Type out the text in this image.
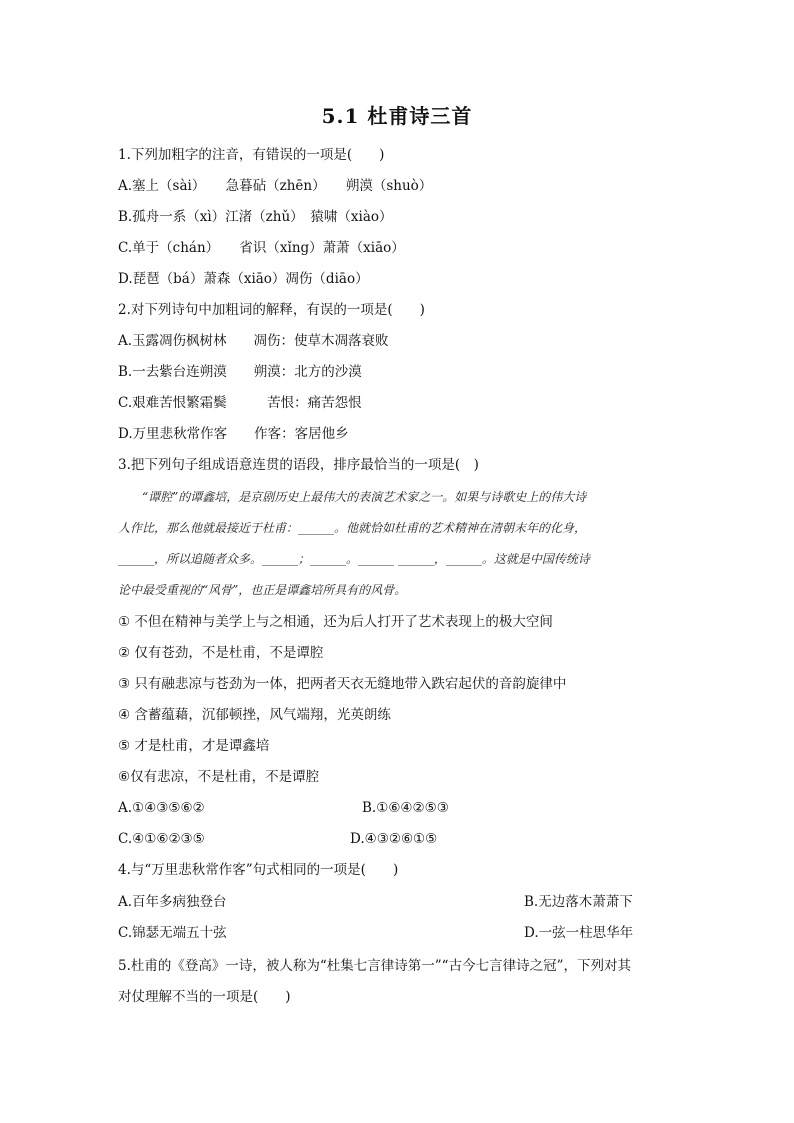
5.1 杜甫诗三首
1.下列加粗字的注音，有错误的一项是(　　)
A.塞上（sài）　　急暮砧（zhēn）　　朔漠（shuò）
B.孤舟一系（xì）江渚（zhǔ）　猿啸（xiào）
C.单于（chán）　　省识（xǐng）萧萧（xiāo）
D.琵琶（bá）萧森（xiāo）凋伤（diāo）
2.对下列诗句中加粗词的解释，有误的一项是(　　)
A.玉露凋伤枫树林　　凋伤：使草木凋落衰败
B.一去紫台连朔漠　　朔漠：北方的沙漠
C.艰难苦恨繁霜鬓　　　苦恨：痛苦怨恨
D.万里悲秋常作客　　作客：客居他乡
3.把下列句子组成语意连贯的语段，排序最恰当的一项是(　)
　　“谭腔”的谭鑫培，是京剧历史上最伟大的表演艺术家之一。如果与诗歌史上的伟大诗
人作比，那么他就最接近于杜甫：______。他就恰如杜甫的艺术精神在清朝末年的化身，
______，所以追随者众多。______；______。______ ______，______。这就是中国传统诗
论中最受重视的“风骨”，也正是谭鑫培所具有的风骨。
① 不但在精神与美学上与之相通，还为后人打开了艺术表现上的极大空间
② 仅有苍劲，不是杜甫，不是谭腔
③ 只有融悲凉与苍劲为一体，把两者天衣无缝地带入跌宕起伏的音韵旋律中
④ 含蓄蕴藉，沉郁顿挫，风气端翔，光英朗练
⑤ 才是杜甫，才是谭鑫培
⑥仅有悲凉，不是杜甫，不是谭腔
A.①④③⑤⑥②	B.①⑥④②⑤③
C.④①⑥②③⑤	D.④③②⑥①⑤
4.与“万里悲秋常作客”句式相同的一项是(　　)
A.百年多病独登台	B.无边落木萧萧下
C.锦瑟无端五十弦	D.一弦一柱思华年
5.杜甫的《登高》一诗，被人称为“杜集七言律诗第一”“古今七言律诗之冠”，下列对其
对仗理解不当的一项是(　　)
